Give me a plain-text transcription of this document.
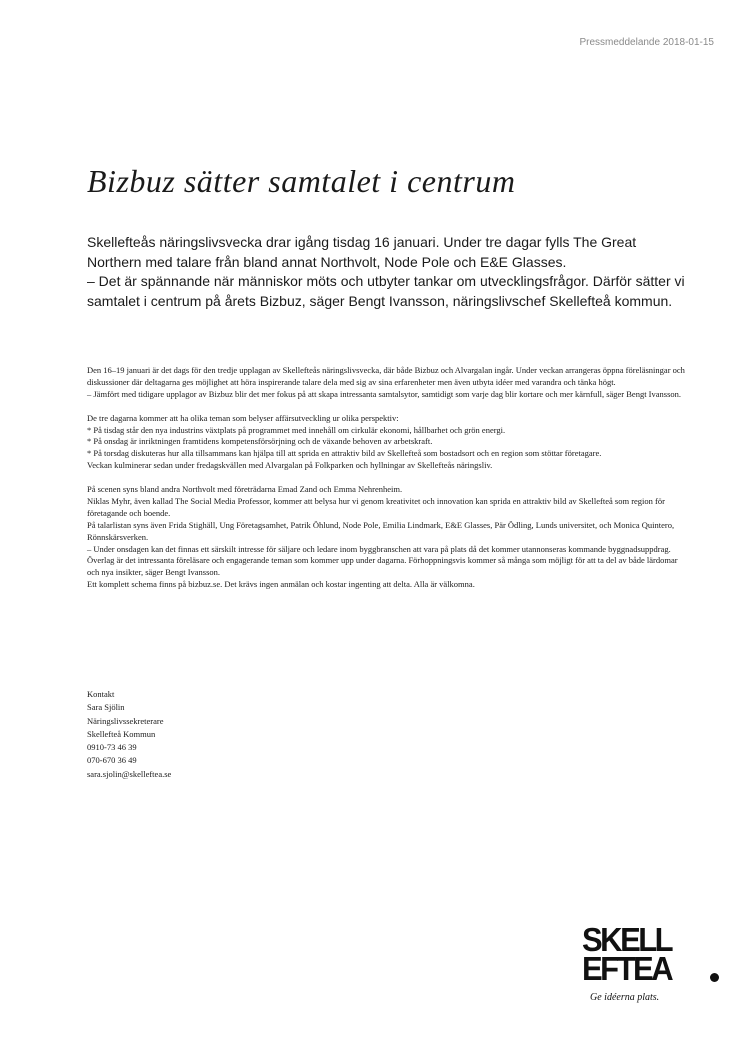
Pressmeddelande 2018-01-15
Bizbuz sätter samtalet i centrum

Skellefteås näringslivsvecka drar igång tisdag 16 januari. Under tre dagar fylls The Great Northern med talare från bland annat Northvolt, Node Pole och E&E Glasses.

– Det är spännande när människor möts och utbyter tankar om utvecklingsfrågor. Därför sätter vi samtalet i centrum på årets Bizbuz, säger Bengt Ivansson, näringslivschef Skellefteå kommun.

Den 16–19 januari är det dags för den tredje upplagan av Skellefteås näringslivsvecka, där både Bizbuz och Alvargalan ingår. Under veckan arrangeras öppna föreläsningar och diskussioner där deltagarna ges möjlighet att höra inspirerande talare dela med sig av sina erfarenheter men även utbyta idéer med varandra och tänka högt.
– Jämfört med tidigare upplagor av Bizbuz blir det mer fokus på att skapa intressanta samtalsytor, samtidigt som varje dag blir kortare och mer kärnfull, säger Bengt Ivansson.
De tre dagarna kommer att ha olika teman som belyser affärsutveckling ur olika perspektiv:
* På tisdag står den nya industrins växtplats på programmet med innehåll om cirkulär ekonomi, hållbarhet och grön energi.
* På onsdag är inriktningen framtidens kompetensförsörjning och de växande behoven av arbetskraft.
* På torsdag diskuteras hur alla tillsammans kan hjälpa till att sprida en attraktiv bild av Skellefteå som bostadsort och en region som stöttar företagare.
Veckan kulminerar sedan under fredagskvällen med Alvargalan på Folkparken och hyllningar av Skellefteås näringsliv.
På scenen syns bland andra Northvolt med företrädarna Emad Zand och Emma Nehrenheim.
Niklas Myhr, även kallad The Social Media Professor, kommer att belysa hur vi genom kreativitet och innovation kan sprida en attraktiv bild av Skellefteå som region för företagande och boende.
På talarlistan syns även Frida Stighäll, Ung Företagsamhet, Patrik Öhlund, Node Pole, Emilia Lindmark, E&E Glasses, Pär Ödling, Lunds universitet, och Monica Quintero, Rönnskärsverken.
– Under onsdagen kan det finnas ett särskilt intresse för säljare och ledare inom byggbranschen att vara på plats då det kommer utannonseras kommande byggnadsuppdrag. Överlag är det intressanta föreläsare och engagerande teman som kommer upp under dagarna. Förhoppningsvis kommer så många som möjligt för att ta del av både lärdomar och nya insikter, säger Bengt Ivansson.
Ett komplett schema finns på bizbuz.se. Det krävs ingen anmälan och kostar ingenting att delta. Alla är välkomna.
Kontakt
Sara Sjölin
Näringslivssekreterare
Skellefteå Kommun
0910-73 46 39
070-670 36 49
sara.sjolin@skelleftea.se
SKELL
EFTEA
Ge idéerna plats.
